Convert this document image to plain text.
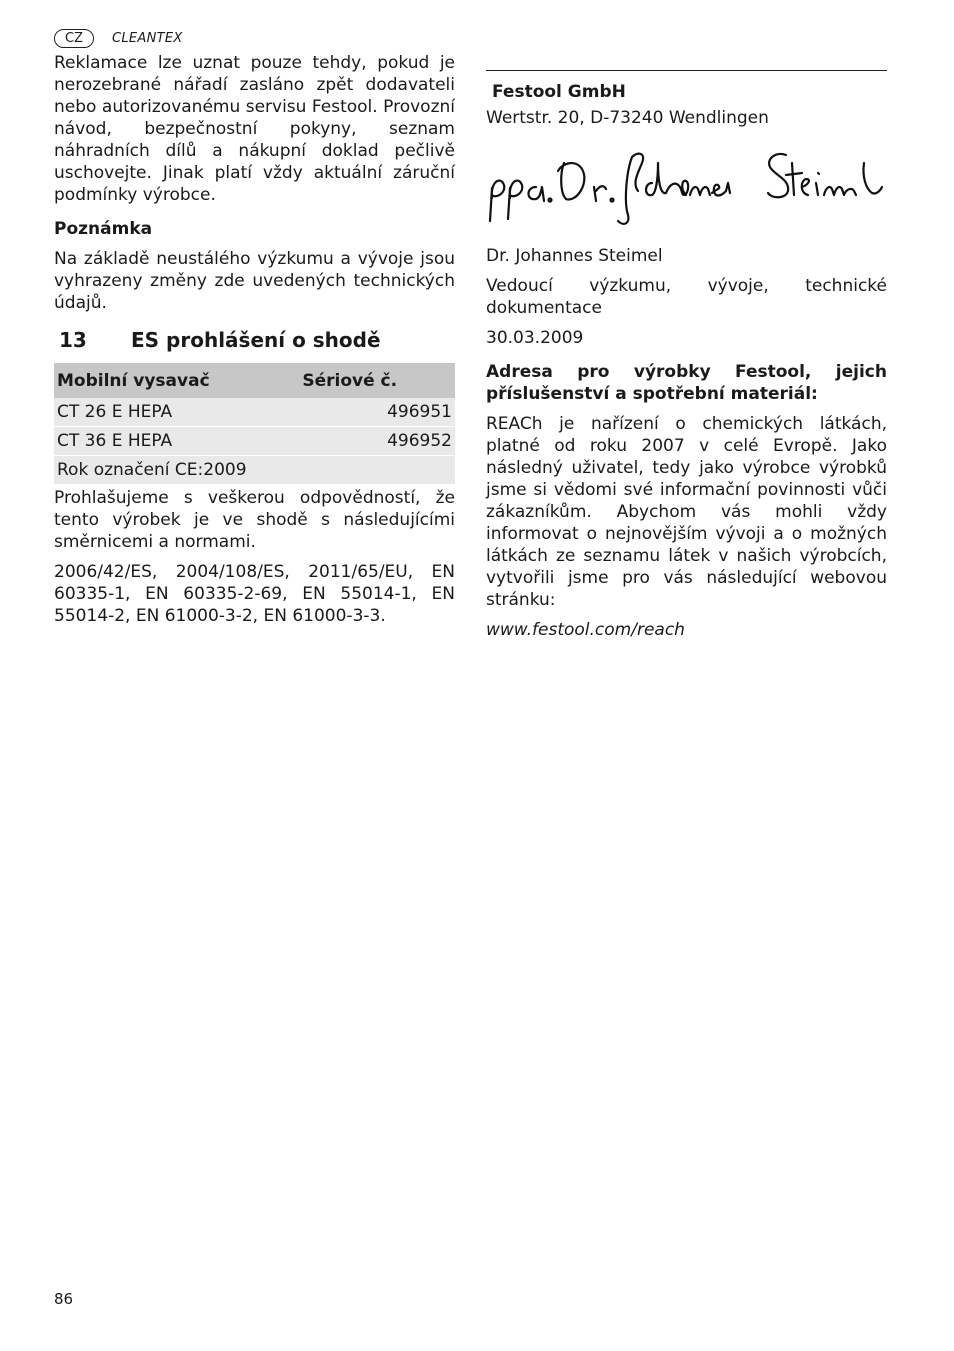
CZ	CLEANTEX

Reklamace lze uznat pouze tehdy, pokud je nerozebrané nářadí zasláno zpět dodavateli nebo autorizovanému servisu Festool. Provozní návod, bezpečnostní pokyny, seznam náhradních dílů a nákupní doklad pečlivě uschovejte. Jinak platí vždy aktuální záruční podmínky výrobce.

Poznámka

Na základě neustálého výzkumu a vývoje jsou vyhrazeny změny zde uvedených technických údajů.

13	ES prohlášení o shodě
Mobilní vysavač	Sériové č.
CT 26 E HEPA	496951
CT 36 E HEPA	496952
Rok označení CE:2009	

Prohlašujeme s veškerou odpovědností, že tento výrobek je ve shodě s následujícími směrnicemi a normami.

2006/42/ES, 2004/108/ES, 2011/65/EU, EN 60335-1, EN 60335-2-69, EN 55014-1, EN 55014-2, EN 61000-3-2, EN 61000-3-3.

Festool GmbH

Wertstr. 20, D-73240 Wendlingen

Dr. Johannes Steimel

Vedoucí výzkumu, vývoje, technické dokumentace

30.03.2009

Adresa pro výrobky Festool, jejich příslušenství a spotřební materiál:

REACh je nařízení o chemických látkách, platné od roku 2007 v celé Evropě. Jako následný uživatel, tedy jako výrobce výrobků jsme si vědomi své informační povinnosti vůči zákazníkům. Abychom vás mohli vždy informovat o nejnovějším vývoji a o možných látkách ze seznamu látek v našich výrobcích, vytvořili jsme pro vás následující webovou stránku:

www.festool.com/reach

86
